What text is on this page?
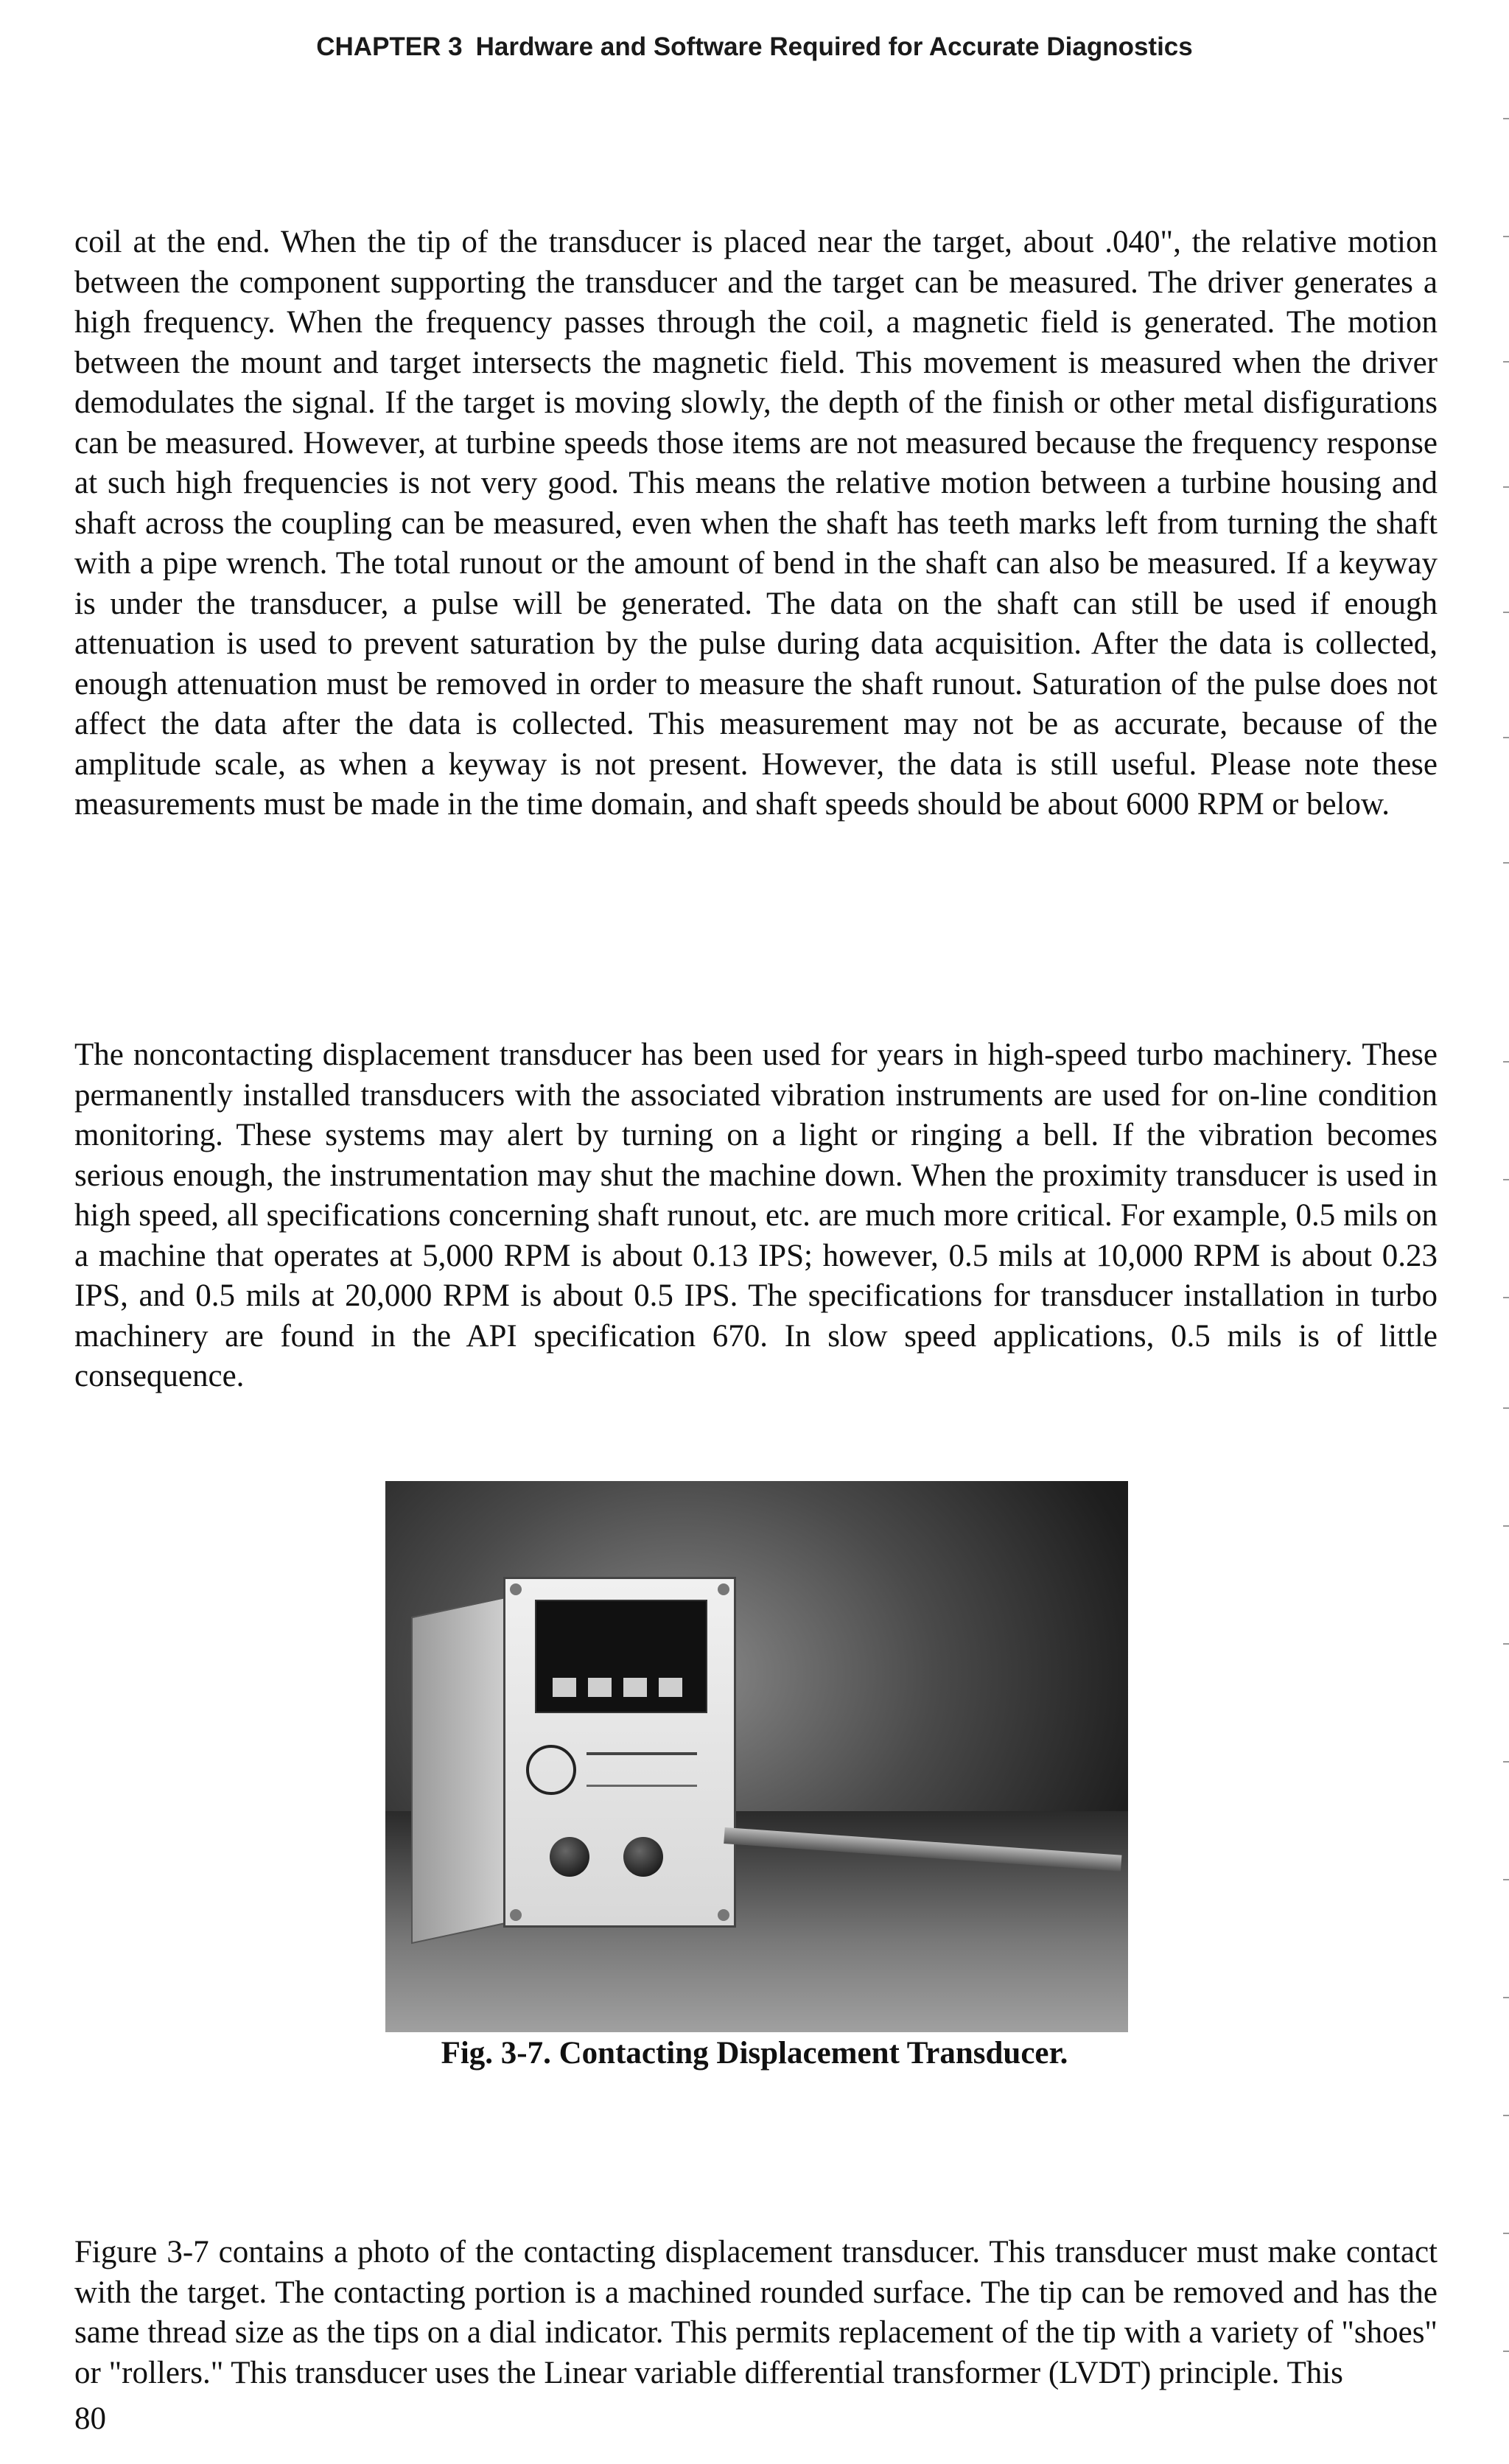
CHAPTER 3 Hardware and Software Required for Accurate Diagnostics

coil at the end. When the tip of the transducer is placed near the target, about .040", the relative motion between the component supporting the transducer and the target can be measured. The driver generates a high frequency. When the frequency passes through the coil, a magnetic field is generated. The motion between the mount and target intersects the magnetic field. This movement is measured when the driver demodulates the signal. If the target is moving slowly, the depth of the finish or other metal disfigurations can be measured. However, at turbine speeds those items are not measured because the frequency response at such high frequencies is not very good. This means the relative motion between a turbine housing and shaft across the coupling can be measured, even when the shaft has teeth marks left from turning the shaft with a pipe wrench. The total runout or the amount of bend in the shaft can also be measured. If a keyway is under the transducer, a pulse will be generated. The data on the shaft can still be used if enough attenuation is used to prevent saturation by the pulse during data acquisition. After the data is collected, enough attenuation must be removed in order to measure the shaft runout. Saturation of the pulse does not affect the data after the data is collected. This measurement may not be as accurate, because of the amplitude scale, as when a keyway is not present. However, the data is still useful. Please note these measurements must be made in the time domain, and shaft speeds should be about 6000 RPM or below.

The noncontacting displacement transducer has been used for years in high-speed turbo machinery. These permanently installed transducers with the associated vibration instruments are used for on-line condition monitoring. These systems may alert by turning on a light or ringing a bell. If the vibration becomes serious enough, the instrumentation may shut the machine down. When the proximity transducer is used in high speed, all specifications concerning shaft runout, etc. are much more critical. For example, 0.5 mils on a machine that operates at 5,000 RPM is about 0.13 IPS; however, 0.5 mils at 10,000 RPM is about 0.23 IPS, and 0.5 mils at 20,000 RPM is about 0.5 IPS. The specifications for transducer installation in turbo machinery are found in the API specification 670. In slow speed applications, 0.5 mils is of little consequence.

Fig. 3-7. Contacting Displacement Transducer.

Figure 3-7 contains a photo of the contacting displacement transducer. This transducer must make contact with the target. The contacting portion is a machined rounded surface. The tip can be removed and has the same thread size as the tips on a dial indicator. This permits replacement of the tip with a variety of "shoes" or "rollers." This transducer uses the Linear variable differential transformer (LVDT) principle. This

80
